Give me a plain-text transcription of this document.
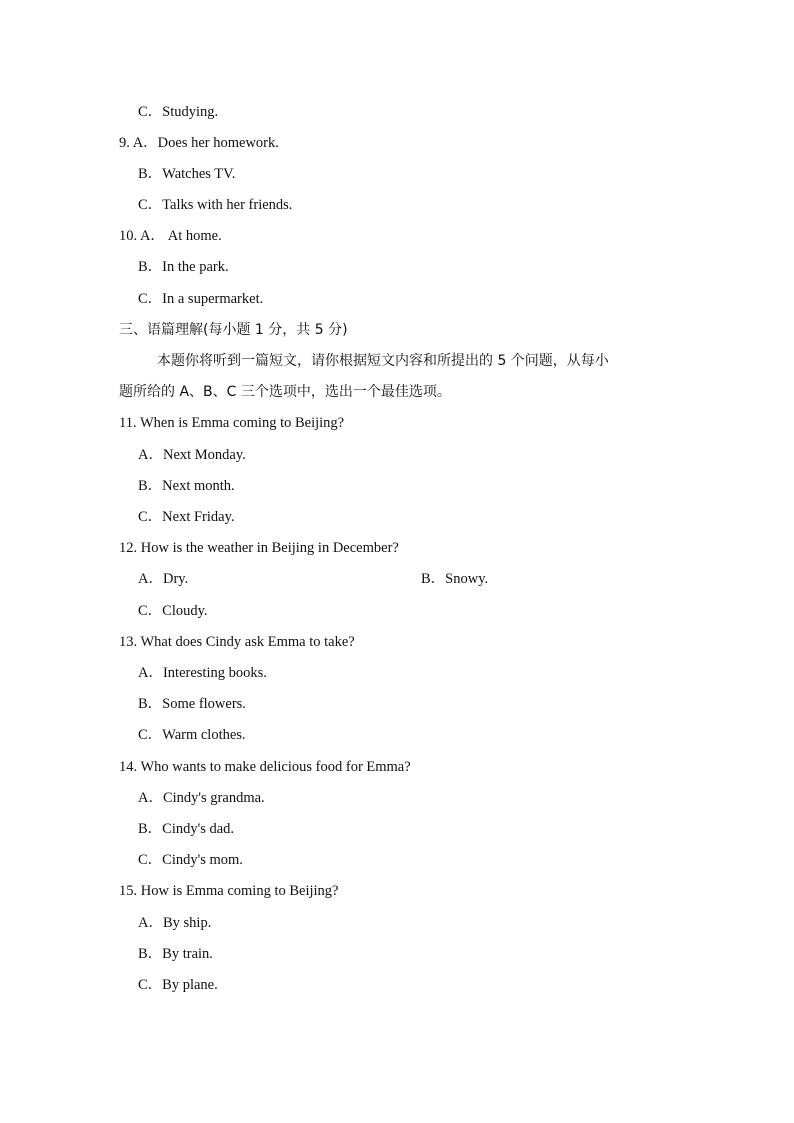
C．Studying.
9. A．Does her homework.
B．Watches TV.
C．Talks with her friends.
10. A． At home.
B．In the park.
C．In a supermarket.
三、语篇理解(每小题 1 分，共 5 分)
本题你将听到一篇短文，请你根据短文内容和所提出的 5 个问题，从每小
题所给的 A、B、C 三个选项中，选出一个最佳选项。
11. When is Emma coming to Beijing?
A．Next Monday.
B．Next month.
C．Next Friday.
12. How is the weather in Beijing in December?
A．Dry.	B．Snowy.
C．Cloudy.
13. What does Cindy ask Emma to take?
A．Interesting books.
B．Some flowers.
C．Warm clothes.
14. Who wants to make delicious food for Emma?
A．Cindy's grandma.
B．Cindy's dad.
C．Cindy's mom.
15. How is Emma coming to Beijing?
A．By ship.
B．By train.
C．By plane.
